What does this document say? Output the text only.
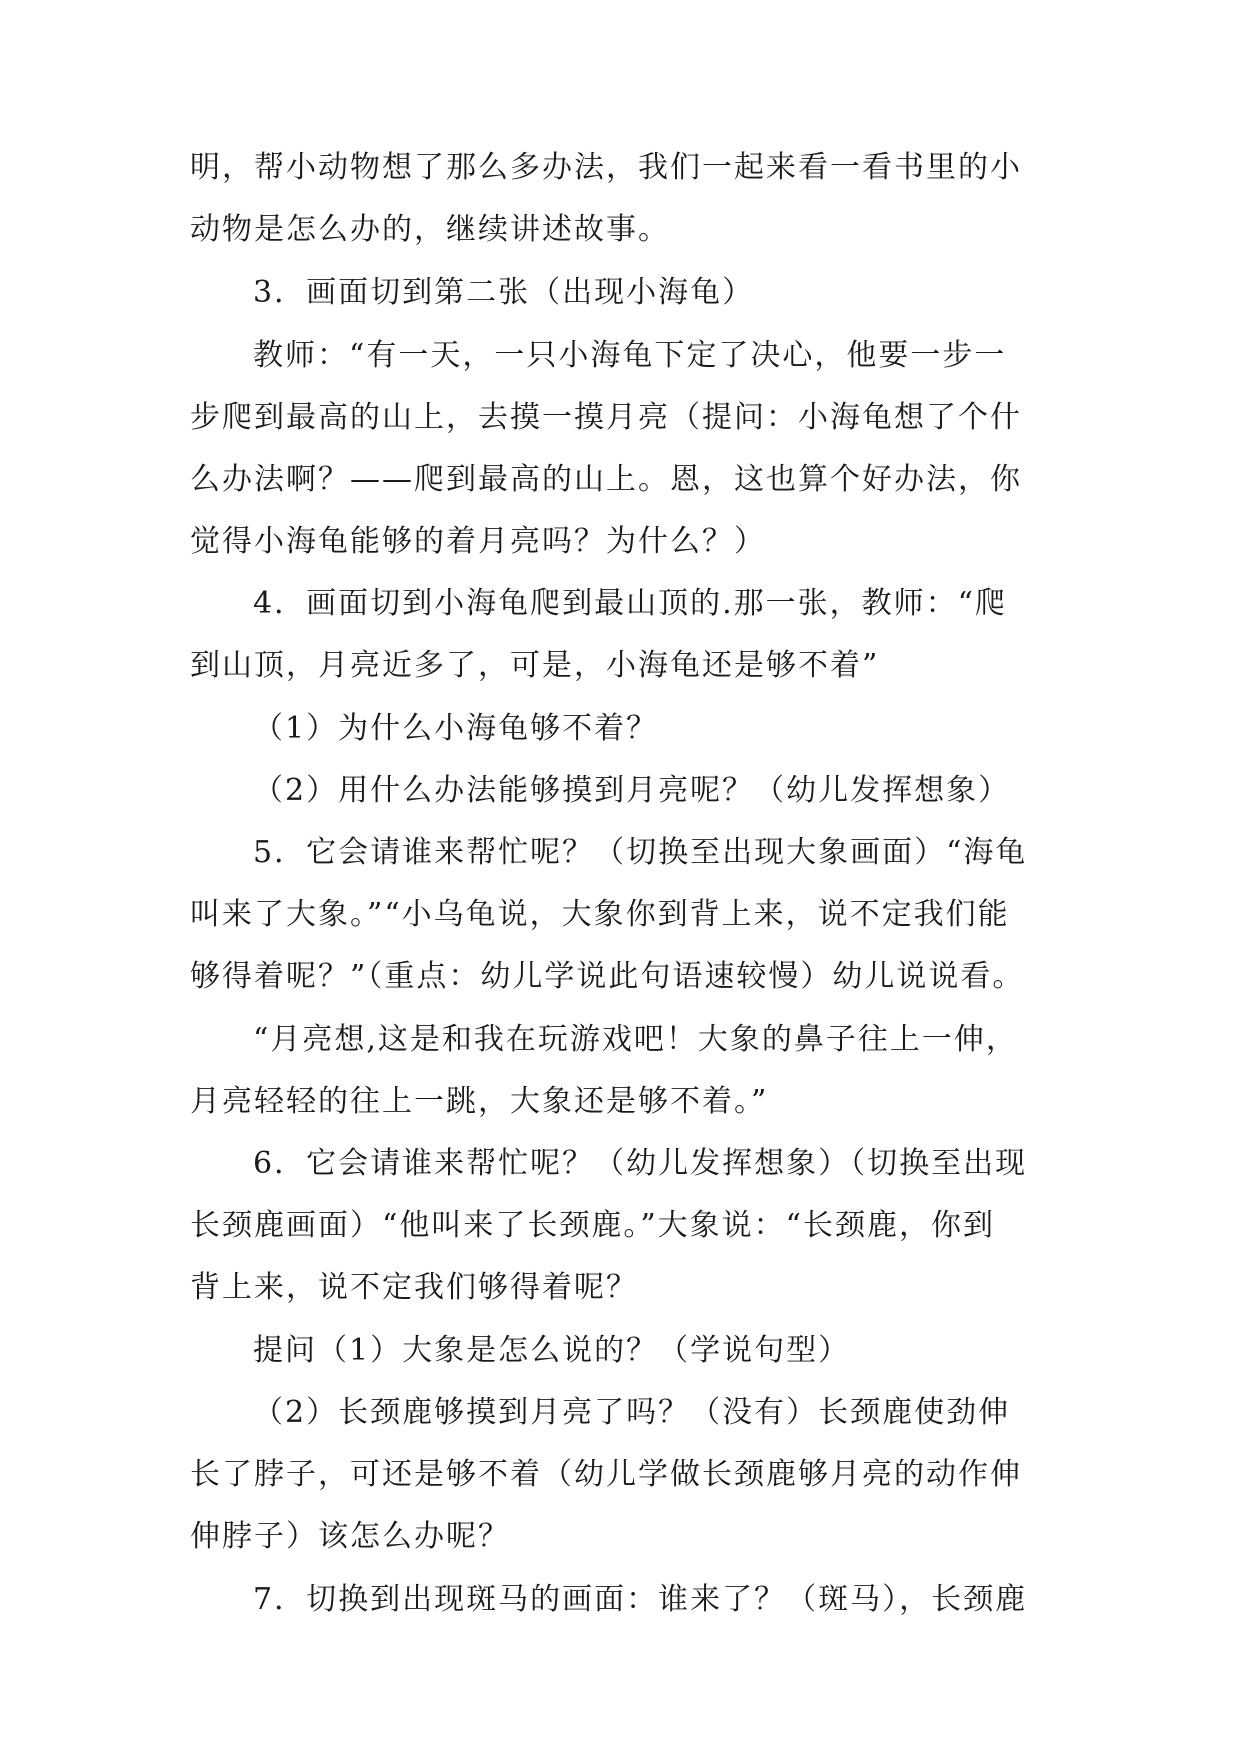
明，帮小动物想了那么多办法，我们一起来看一看书里的小
动物是怎么办的，继续讲述故事。
3．画面切到第二张（出现小海龟）
教师：“有一天，一只小海龟下定了决心，他要一步一
步爬到最高的山上，去摸一摸月亮（提问：小海龟想了个什
么办法啊？——爬到最高的山上。恩，这也算个好办法，你
觉得小海龟能够的着月亮吗？为什么？）
4．画面切到小海龟爬到最山顶的.那一张，教师：“爬
到山顶，月亮近多了，可是，小海龟还是够不着”
（1）为什么小海龟够不着？
（2）用什么办法能够摸到月亮呢？（幼儿发挥想象）
5．它会请谁来帮忙呢？（切换至出现大象画面）“海龟
叫来了大象。”“小乌龟说，大象你到背上来，说不定我们能
够得着呢？”（重点：幼儿学说此句语速较慢）幼儿说说看。
“月亮想,这是和我在玩游戏吧！大象的鼻子往上一伸，
月亮轻轻的往上一跳，大象还是够不着。”
6．它会请谁来帮忙呢？（幼儿发挥想象）（切换至出现
长颈鹿画面）“他叫来了长颈鹿。”大象说：“长颈鹿，你到
背上来，说不定我们够得着呢？
提问（1）大象是怎么说的？（学说句型）
（2）长颈鹿够摸到月亮了吗？（没有）长颈鹿使劲伸
长了脖子，可还是够不着（幼儿学做长颈鹿够月亮的动作伸
伸脖子）该怎么办呢？
7．切换到出现斑马的画面：谁来了？（斑马），长颈鹿
